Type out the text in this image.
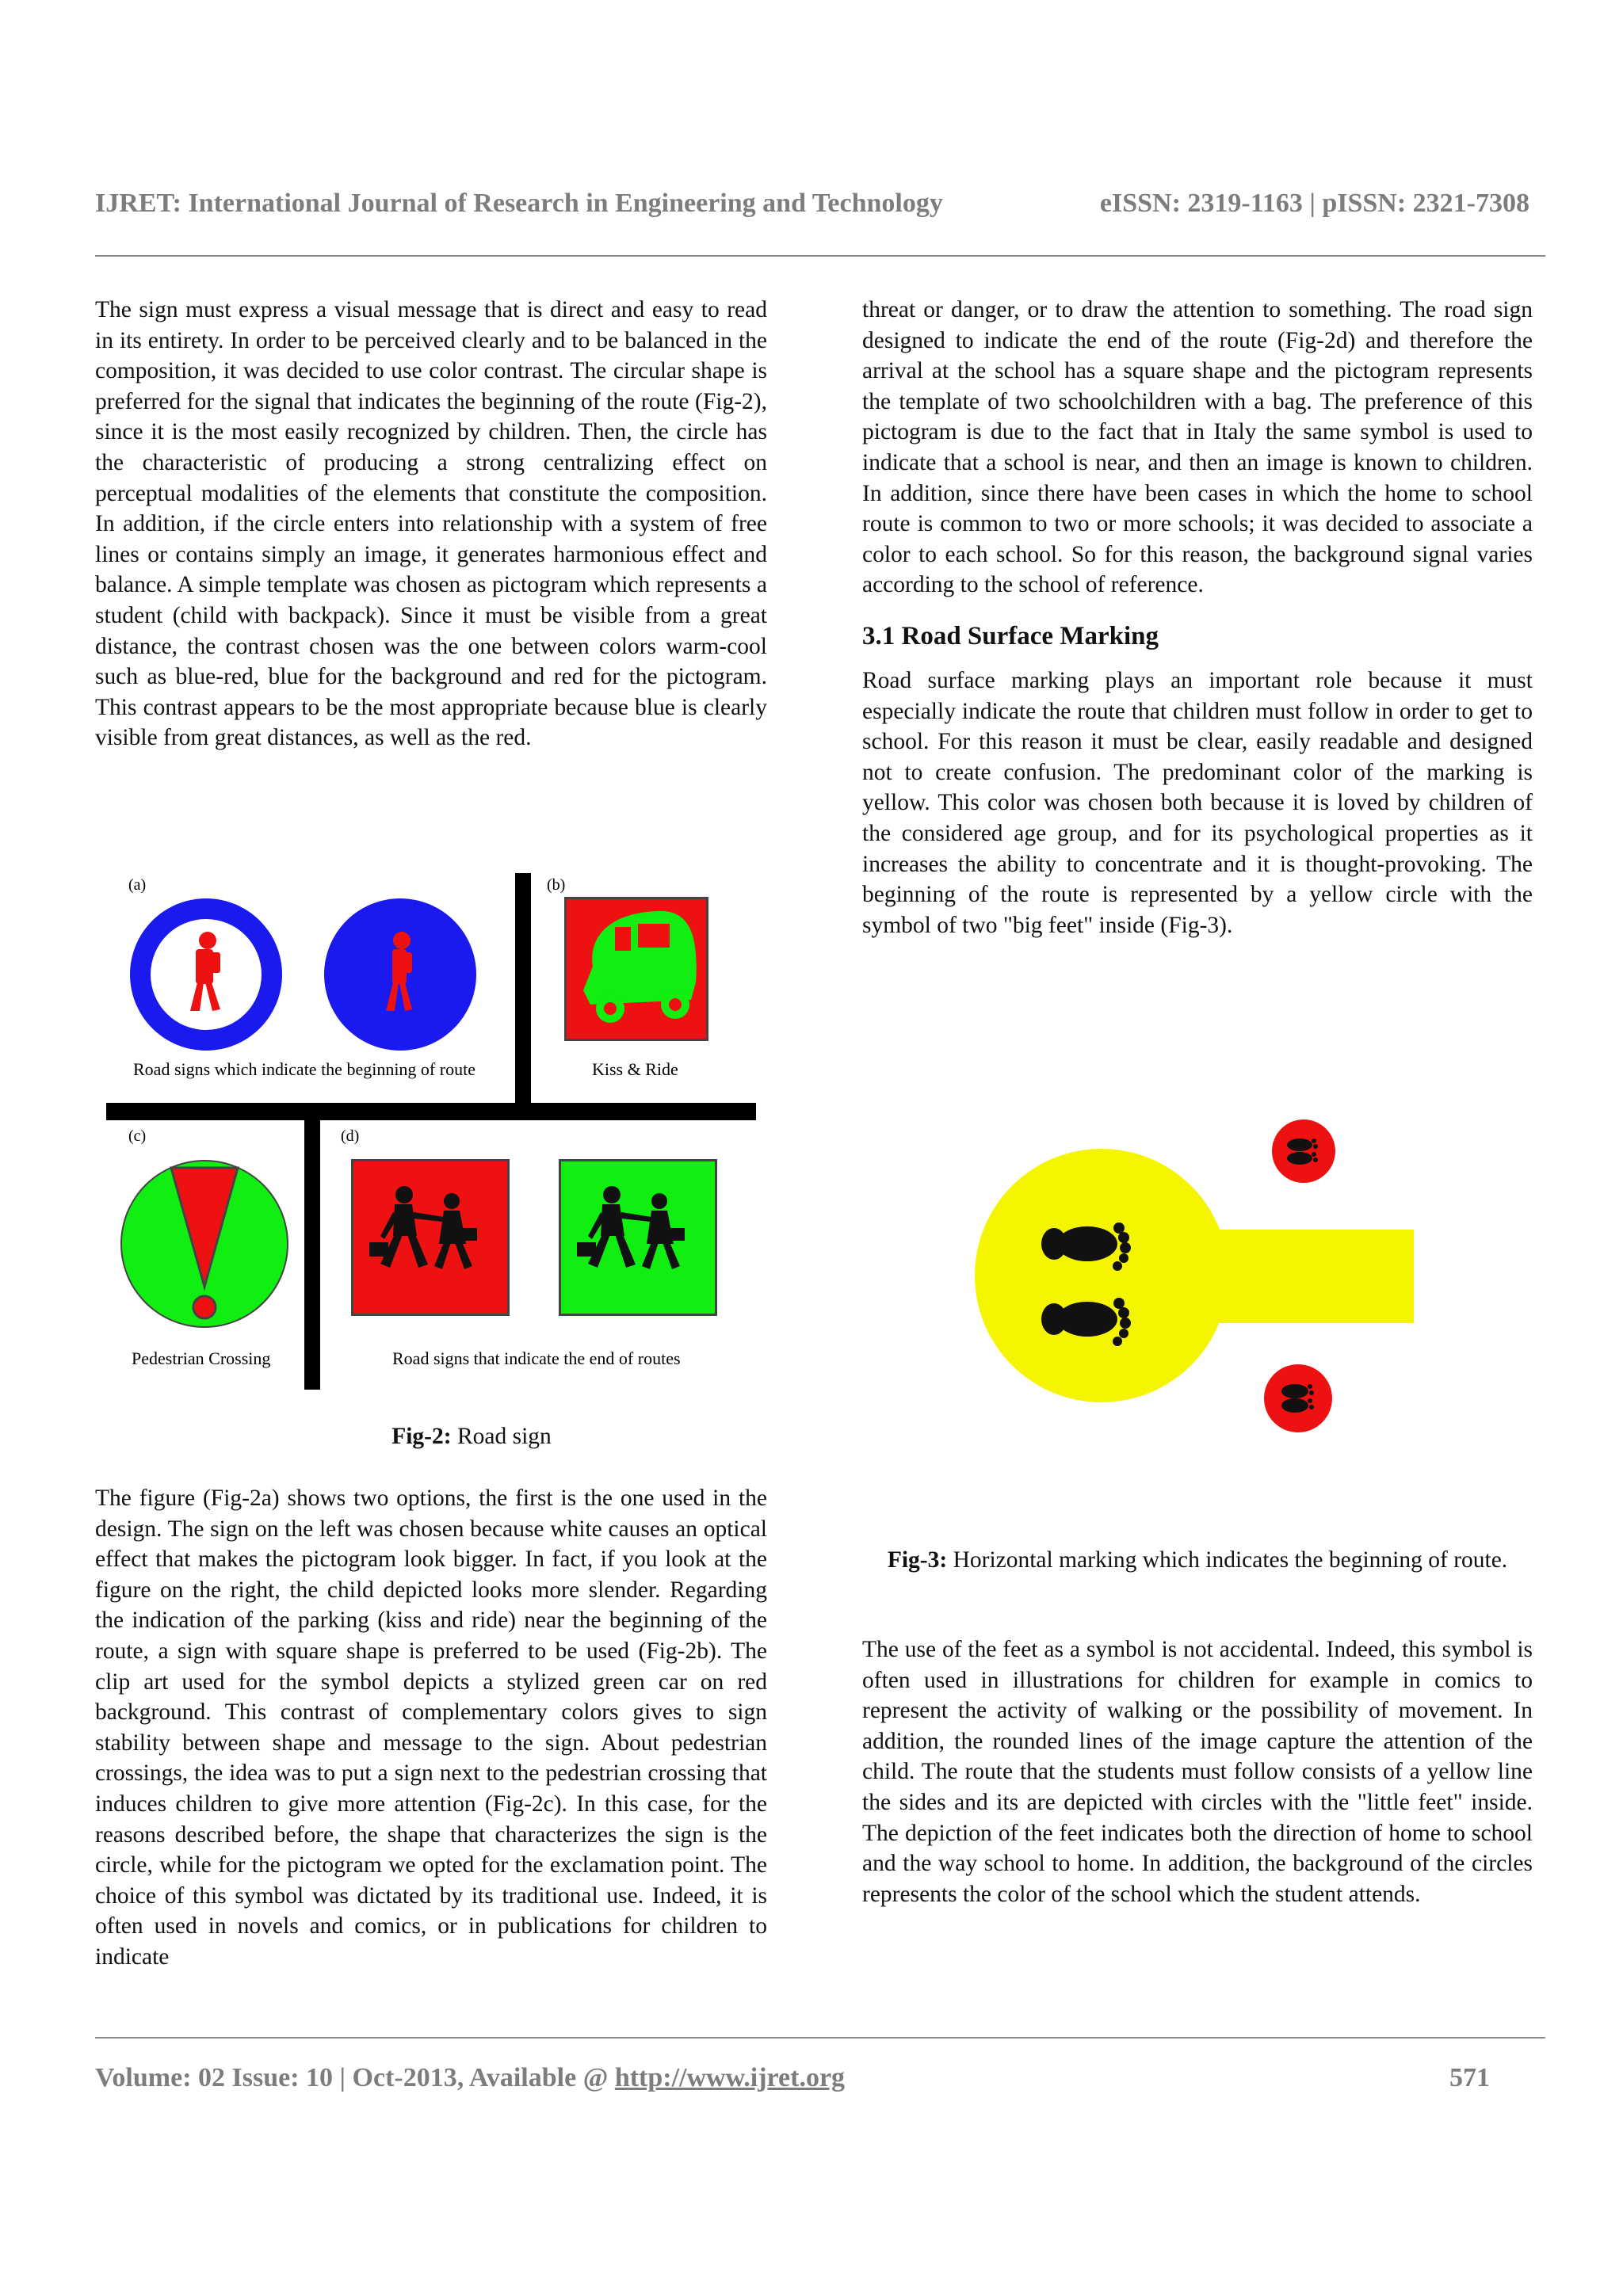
IJRET: International Journal of Research in Engineering and Technology	eISSN: 2319-1163 | pISSN: 2321-7308

The sign must express a visual message that is direct and easy to read in its entirety. In order to be perceived clearly and to be balanced in the composition, it was decided to use color contrast. The circular shape is preferred for the signal that indicates the beginning of the route (Fig-2), since it is the most easily recognized by children. Then, the circle has the characteristic of producing a strong centralizing effect on perceptual modalities of the elements that constitute the composition. In addition, if the circle enters into relationship with a system of free lines or contains simply an image, it generates harmonious effect and balance. A simple template was chosen as pictogram which represents a student (child with backpack). Since it must be visible from a great distance, the contrast chosen was the one between colors warm-cool such as blue-red, blue for the background and red for the pictogram. This contrast appears to be the most appropriate because blue is clearly visible from great distances, as well as the red.

(a)	(b)
(c)	(d)
Road signs which indicate the beginning of route	Kiss & Ride
Pedestrian Crossing	Road signs that indicate the end of routes
Fig-2: Road sign

The figure (Fig-2a) shows two options, the first is the one used in the design. The sign on the left was chosen because white causes an optical effect that makes the pictogram look bigger. In fact, if you look at the figure on the right, the child depicted looks more slender. Regarding the indication of the parking (kiss and ride) near the beginning of the route, a sign with square shape is preferred to be used (Fig-2b). The clip art used for the symbol depicts a stylized green car on red background. This contrast of complementary colors gives to sign stability between shape and message to the sign. About pedestrian crossings, the idea was to put a sign next to the pedestrian crossing that induces children to give more attention (Fig-2c). In this case, for the reasons described before, the shape that characterizes the sign is the circle, while for the pictogram we opted for the exclamation point. The choice of this symbol was dictated by its traditional use. Indeed, it is often used in novels and comics, or in publications for children to indicate

threat or danger, or to draw the attention to something. The road sign designed to indicate the end of the route (Fig-2d) and therefore the arrival at the school has a square shape and the pictogram represents the template of two schoolchildren with a bag. The preference of this pictogram is due to the fact that in Italy the same symbol is used to indicate that a school is near, and then an image is known to children. In addition, since there have been cases in which the home to school route is common to two or more schools; it was decided to associate a color to each school. So for this reason, the background signal varies according to the school of reference.

3.1 Road Surface Marking

Road surface marking plays an important role because it must especially indicate the route that children must follow in order to get to school. For this reason it must be clear, easily readable and designed not to create confusion. The predominant color of the marking is yellow. This color was chosen both because it is loved by children of the considered age group, and for its psychological properties as it increases the ability to concentrate and it is thought-provoking. The beginning of the route is represented by a yellow circle with the symbol of two "big feet" inside (Fig-3).

Fig-3: Horizontal marking which indicates the beginning of route.

The use of the feet as a symbol is not accidental. Indeed, this symbol is often used in illustrations for children for example in comics to represent the activity of walking or the possibility of movement. In addition, the rounded lines of the image capture the attention of the child. The route that the students must follow consists of a yellow line the sides and its are depicted with circles with the "little feet" inside. The depiction of the feet indicates both the direction of home to school and the way school to home. In addition, the background of the circles represents the color of the school which the student attends.

Volume: 02 Issue: 10 | Oct-2013, Available @ http://www.ijret.org	571
